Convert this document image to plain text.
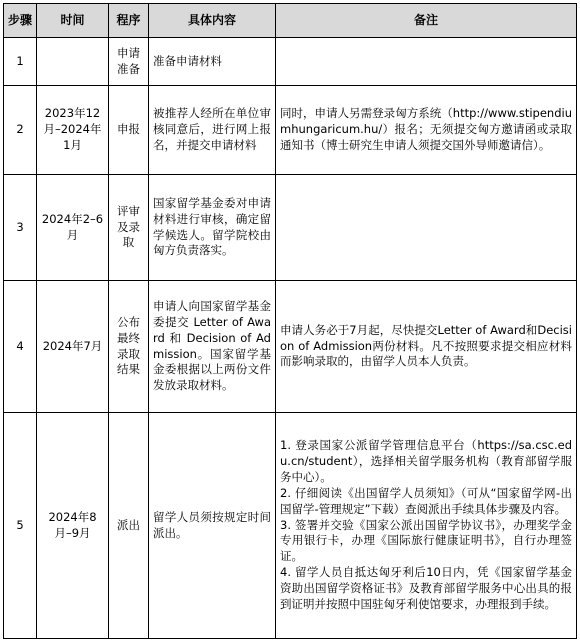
步骤	时间	程序	具体内容	备注
1		申请准备	准备申请材料	
2	2023年12月–2024年1月	申报	被推荐人经所在单位审核同意后，进行网上报名，并提交申请材料	同时，申请人另需登录匈方系统（http://www.stipendiumhungaricum.hu/）报名；无须提交匈方邀请函或录取通知书（博士研究生申请人须提交国外导师邀请信）。

3	2024年2–6月	评审及录取	国家留学基金委对申请材料进行审核，确定留学候选人。留学院校由匈方负责落实。	
4	2024年7月	公布最终录取结果	申请人向国家留学基金委提交 Letter of Award 和 Decision of Admission。国家留学基金委根据以上两份文件发放录取材料。	申请人务必于7月起，尽快提交Letter of Award和Decision of Admission两份材料。凡不按照要求提交相应材料而影响录取的，由留学人员本人负责。

5	2024年8月–9月	派出	留学人员须按规定时间派出。	1. 登录国家公派留学管理信息平台（https://sa.csc.edu.cn/student），选择相关留学服务机构（教育部留学服务中心）。
2. 仔细阅读《出国留学人员须知》（可从“国家留学网-出国留学-管理规定”下载）查阅派出手续具体步骤及内容。
3. 签署并交验《国家公派出国留学协议书》，办理奖学金专用银行卡，办理《国际旅行健康证明书》，自行办理签证。
4. 留学人员自抵达匈牙利后10日内，凭《国家留学基金资助出国留学资格证书》及教育部留学服务中心出具的报到证明并按照中国驻匈牙利使馆要求，办理报到手续。
